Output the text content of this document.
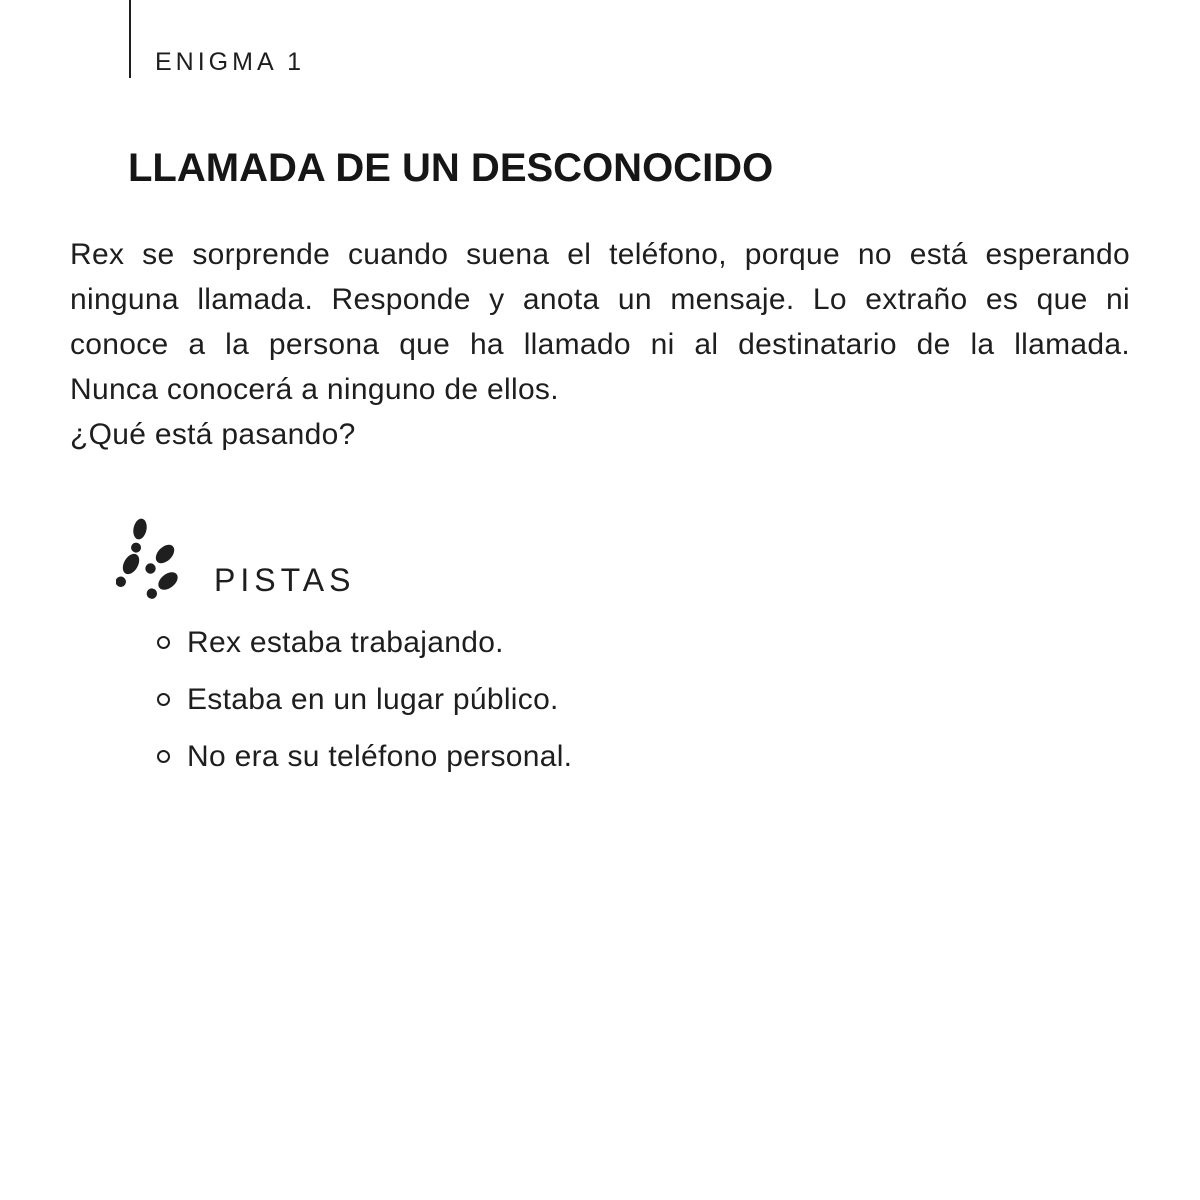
ENIGMA 1
LLAMADA DE UN DESCONOCIDO
Rex se sorprende cuando suena el teléfono, porque no está esperando
ninguna llamada. Responde y anota un mensaje. Lo extraño es que ni
conoce a la persona que ha llamado ni al destinatario de la llamada.
Nunca conocerá a ninguno de ellos.
¿Qué está pasando?
PISTAS
Rex estaba trabajando.
Estaba en un lugar público.
No era su teléfono personal.
